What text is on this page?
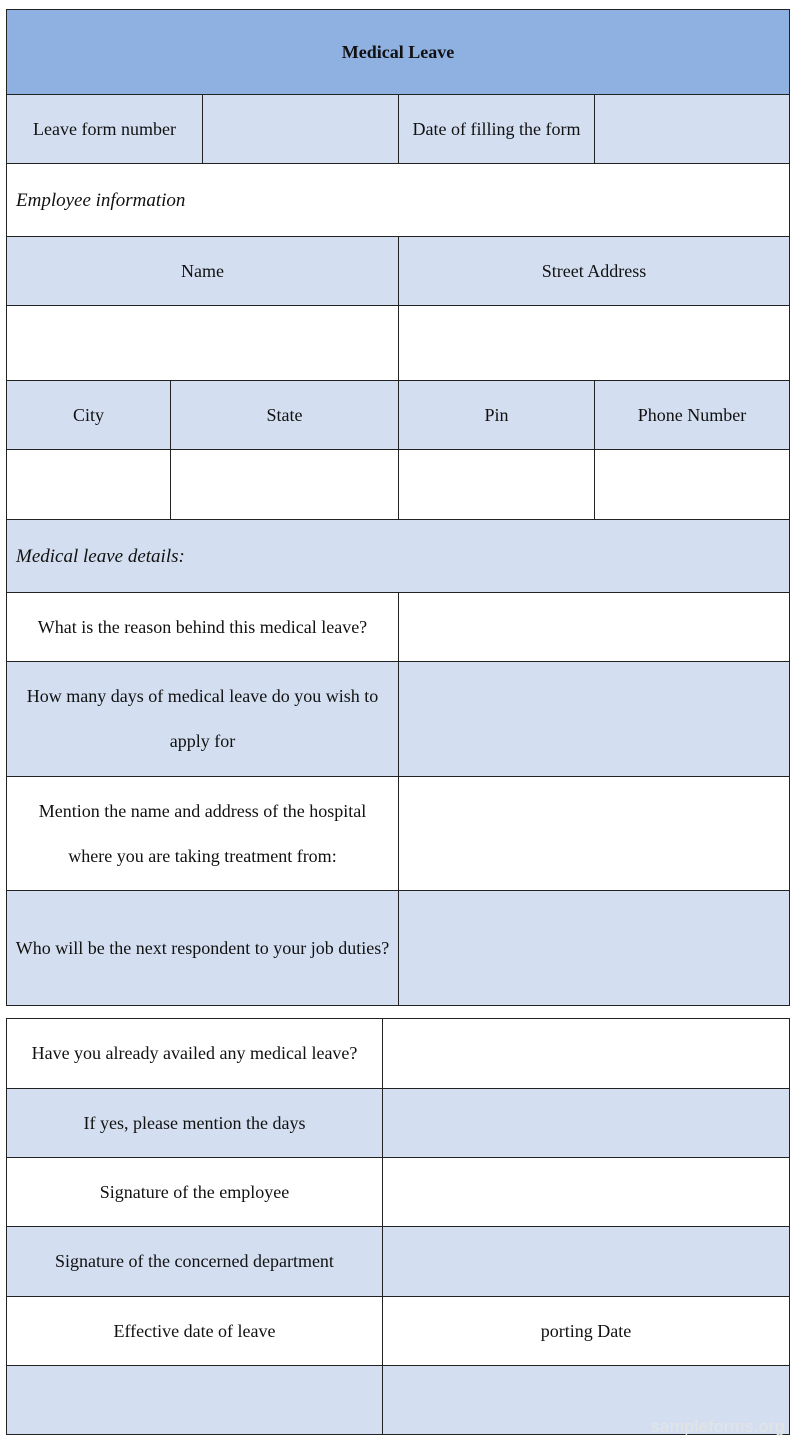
Medical Leave				
Leave form number			Date of filling the form	
Employee information				
Name			Street Address	

City	State		Pin	Phone Number

Medical leave details:				
What is the reason behind this medical leave?				
How many days of medical leave do you wish to apply for				
Mention the name and address of the hospital where you are taking treatment from:				
Who will be the next respondent to your job duties?				
Have you already availed any medical leave?	
If yes, please mention the days	
Signature of the employee	
Signature of the concerned department	
Effective date of leave	porting Date

sampleforms.org
